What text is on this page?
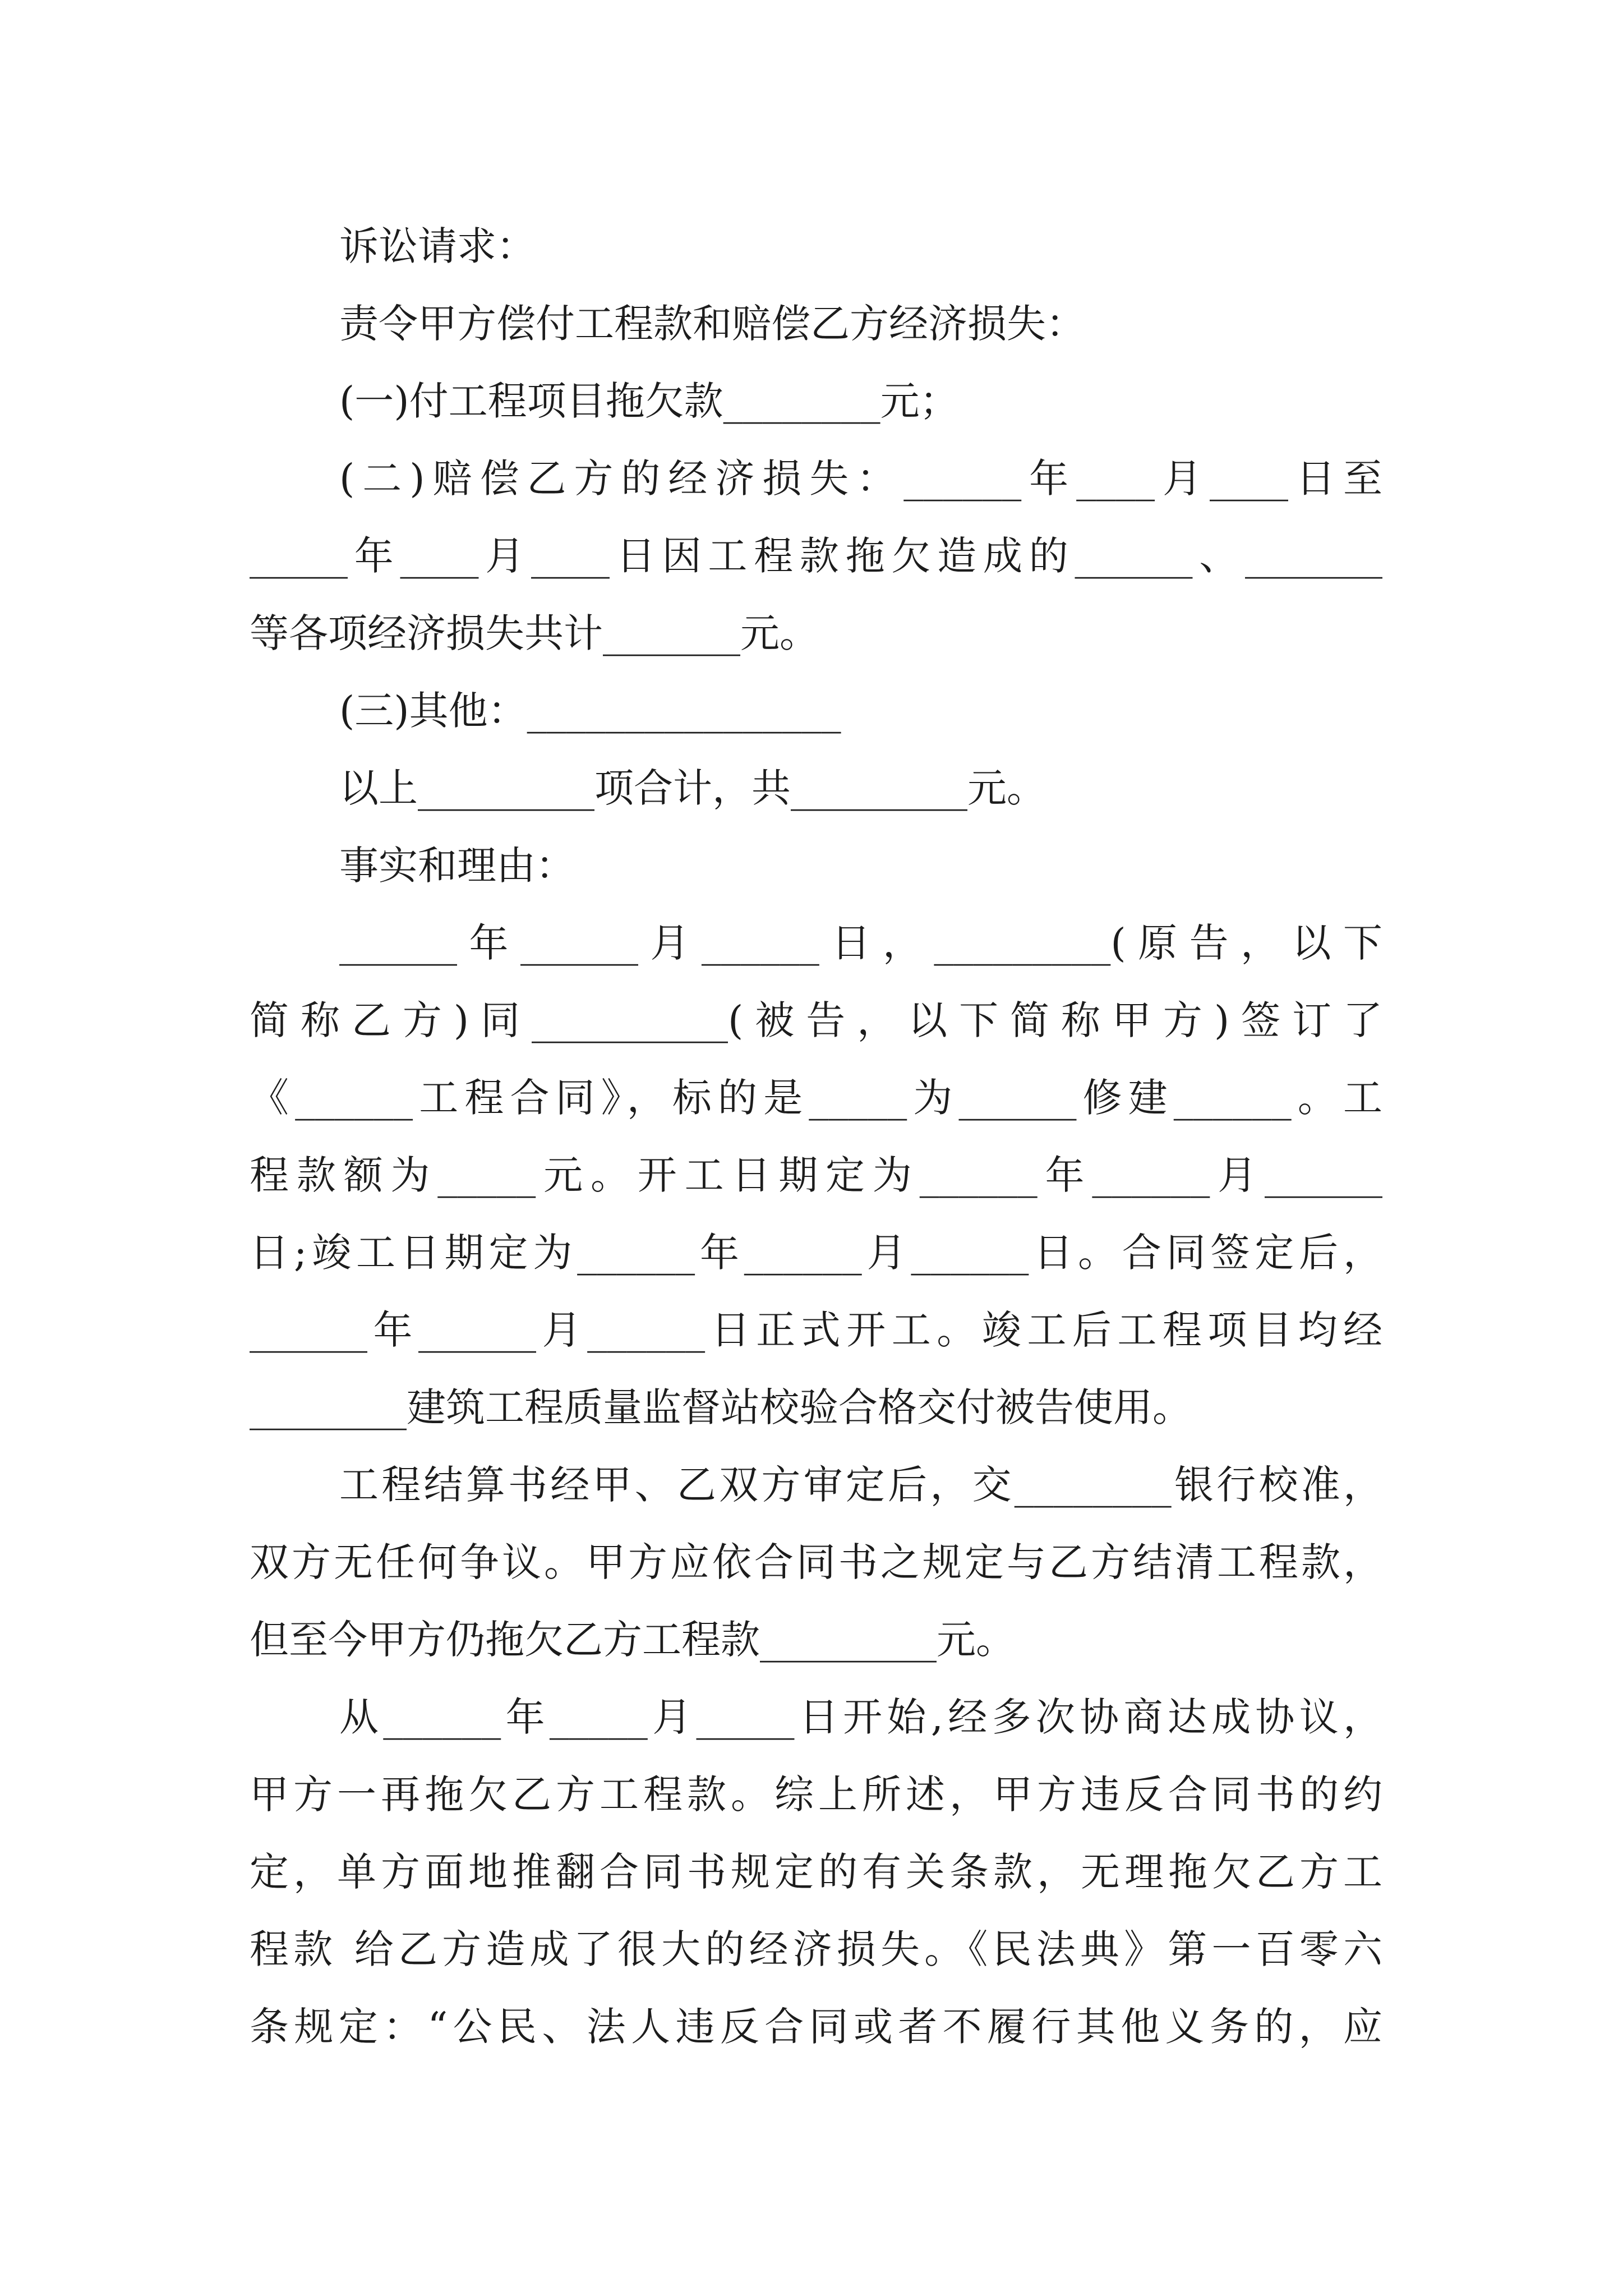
诉讼请求：
责令甲方偿付工程款和赔偿乙方经济损失：
(一)付工程项目拖欠款________元；
(二)赔偿乙方的经济损失：______年____月____日至
_____年____月____日因工程款拖欠造成的______、_______
等各项经济损失共计_______元。
(三)其他：________________
以上_________项合计，共_________元。
事实和理由：
______年______月______日，_________(原告，以下
简称乙方)同__________(被告，以下简称甲方)签订了
《______工程合同》，标的是_____为______修建______。工
程款额为_____元。开工日期定为______年______月______
日;竣工日期定为______年______月______日。合同签定后，
______年______月______日正式开工。竣工后工程项目均经
________建筑工程质量监督站校验合格交付被告使用。
工程结算书经甲、乙双方审定后，交________银行校准，
双方无任何争议。甲方应依合同书之规定与乙方结清工程款，
但至今甲方仍拖欠乙方工程款_________元。
从______年_____月_____日开始,经多次协商达成协议，
甲方一再拖欠乙方工程款。综上所述，甲方违反合同书的约
定，单方面地推翻合同书规定的有关条款，无理拖欠乙方工
程款 给乙方造成了很大的经济损失。《民法典》第一百零六
条规定：“公民、法人违反合同或者不履行其他义务的，应
